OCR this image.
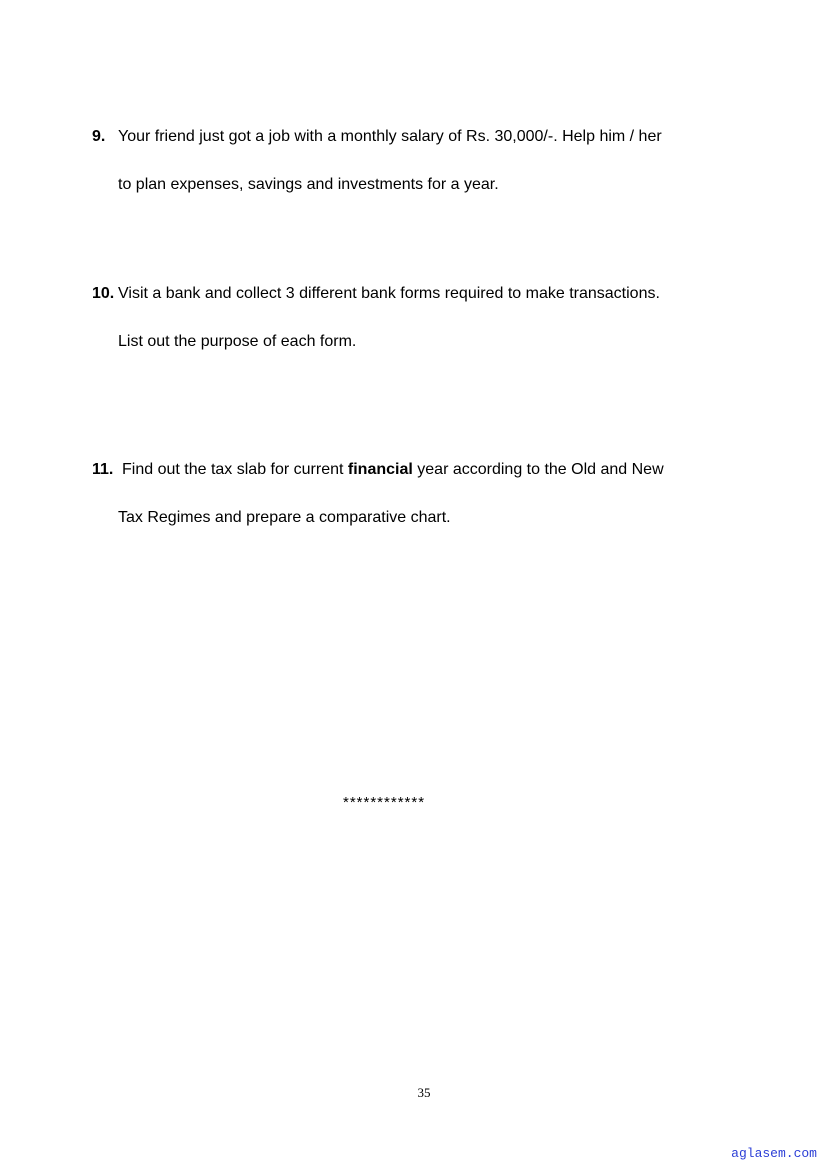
9. Your friend just got a job with a monthly salary of Rs. 30,000/-. Help him / her
to plan expenses, savings and investments for a year.
10. Visit a bank and collect 3 different bank forms required to make transactions.
List out the purpose of each form.
11. Find out the tax slab for current financial year according to the Old and New
Tax Regimes and prepare a comparative chart.
************
35
aglasem.com
